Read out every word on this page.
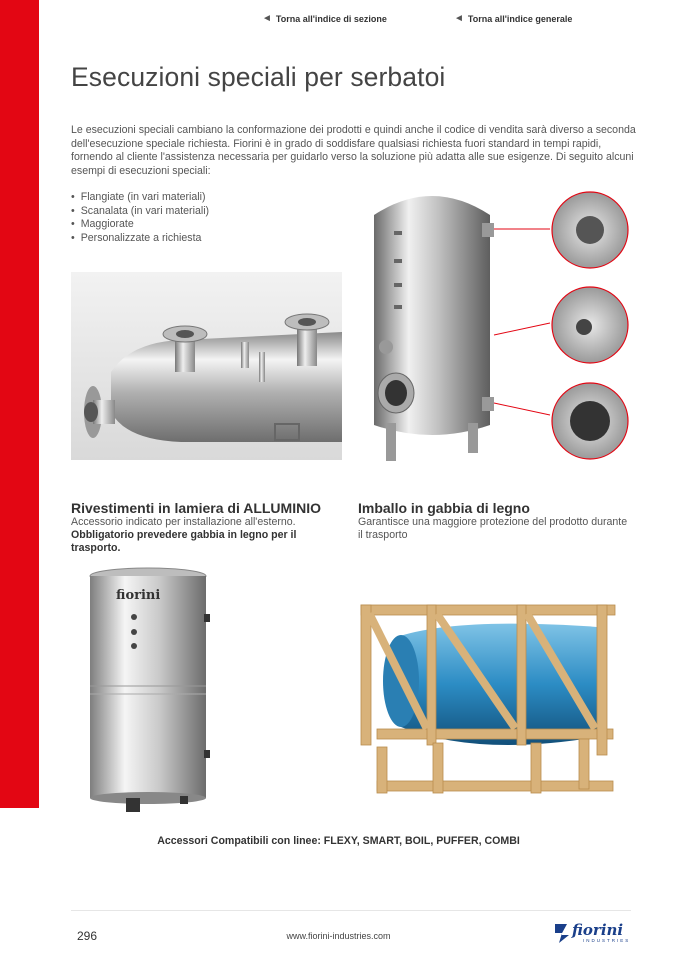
◄ Torna all'indice di sezione	◄ Torna all'indice generale
Esecuzioni speciali per serbatoi

Le esecuzioni speciali cambiano la conformazione dei prodotti e quindi anche il codice di vendita sarà diverso a seconda dell'esecuzione speciale richiesta. Fiorini è in grado di soddisfare qualsiasi richiesta fuori standard in tempi rapidi, fornendo al cliente l'assistenza necessaria per guidarlo verso la soluzione più adatta alle sue esigenze. Di seguito alcuni esempi di esecuzioni speciali:

• Flangiate (in vari materiali)
• Scanalata (in vari materiali)
• Maggiorate
• Personalizzate a richiesta

Rivestimenti in lamiera di ALLUMINIO

Accessorio indicato per installazione all'esterno.
Obbligatorio prevedere gabbia in legno per il trasporto.

Imballo in gabbia di legno

Garantisce una maggiore protezione del prodotto durante il trasporto

fiorini
Accessori Compatibili con linee: FLEXY, SMART, BOIL, PUFFER, COMBI
296	www.fiorini-industries.com	fiorini
INDUSTRIES
